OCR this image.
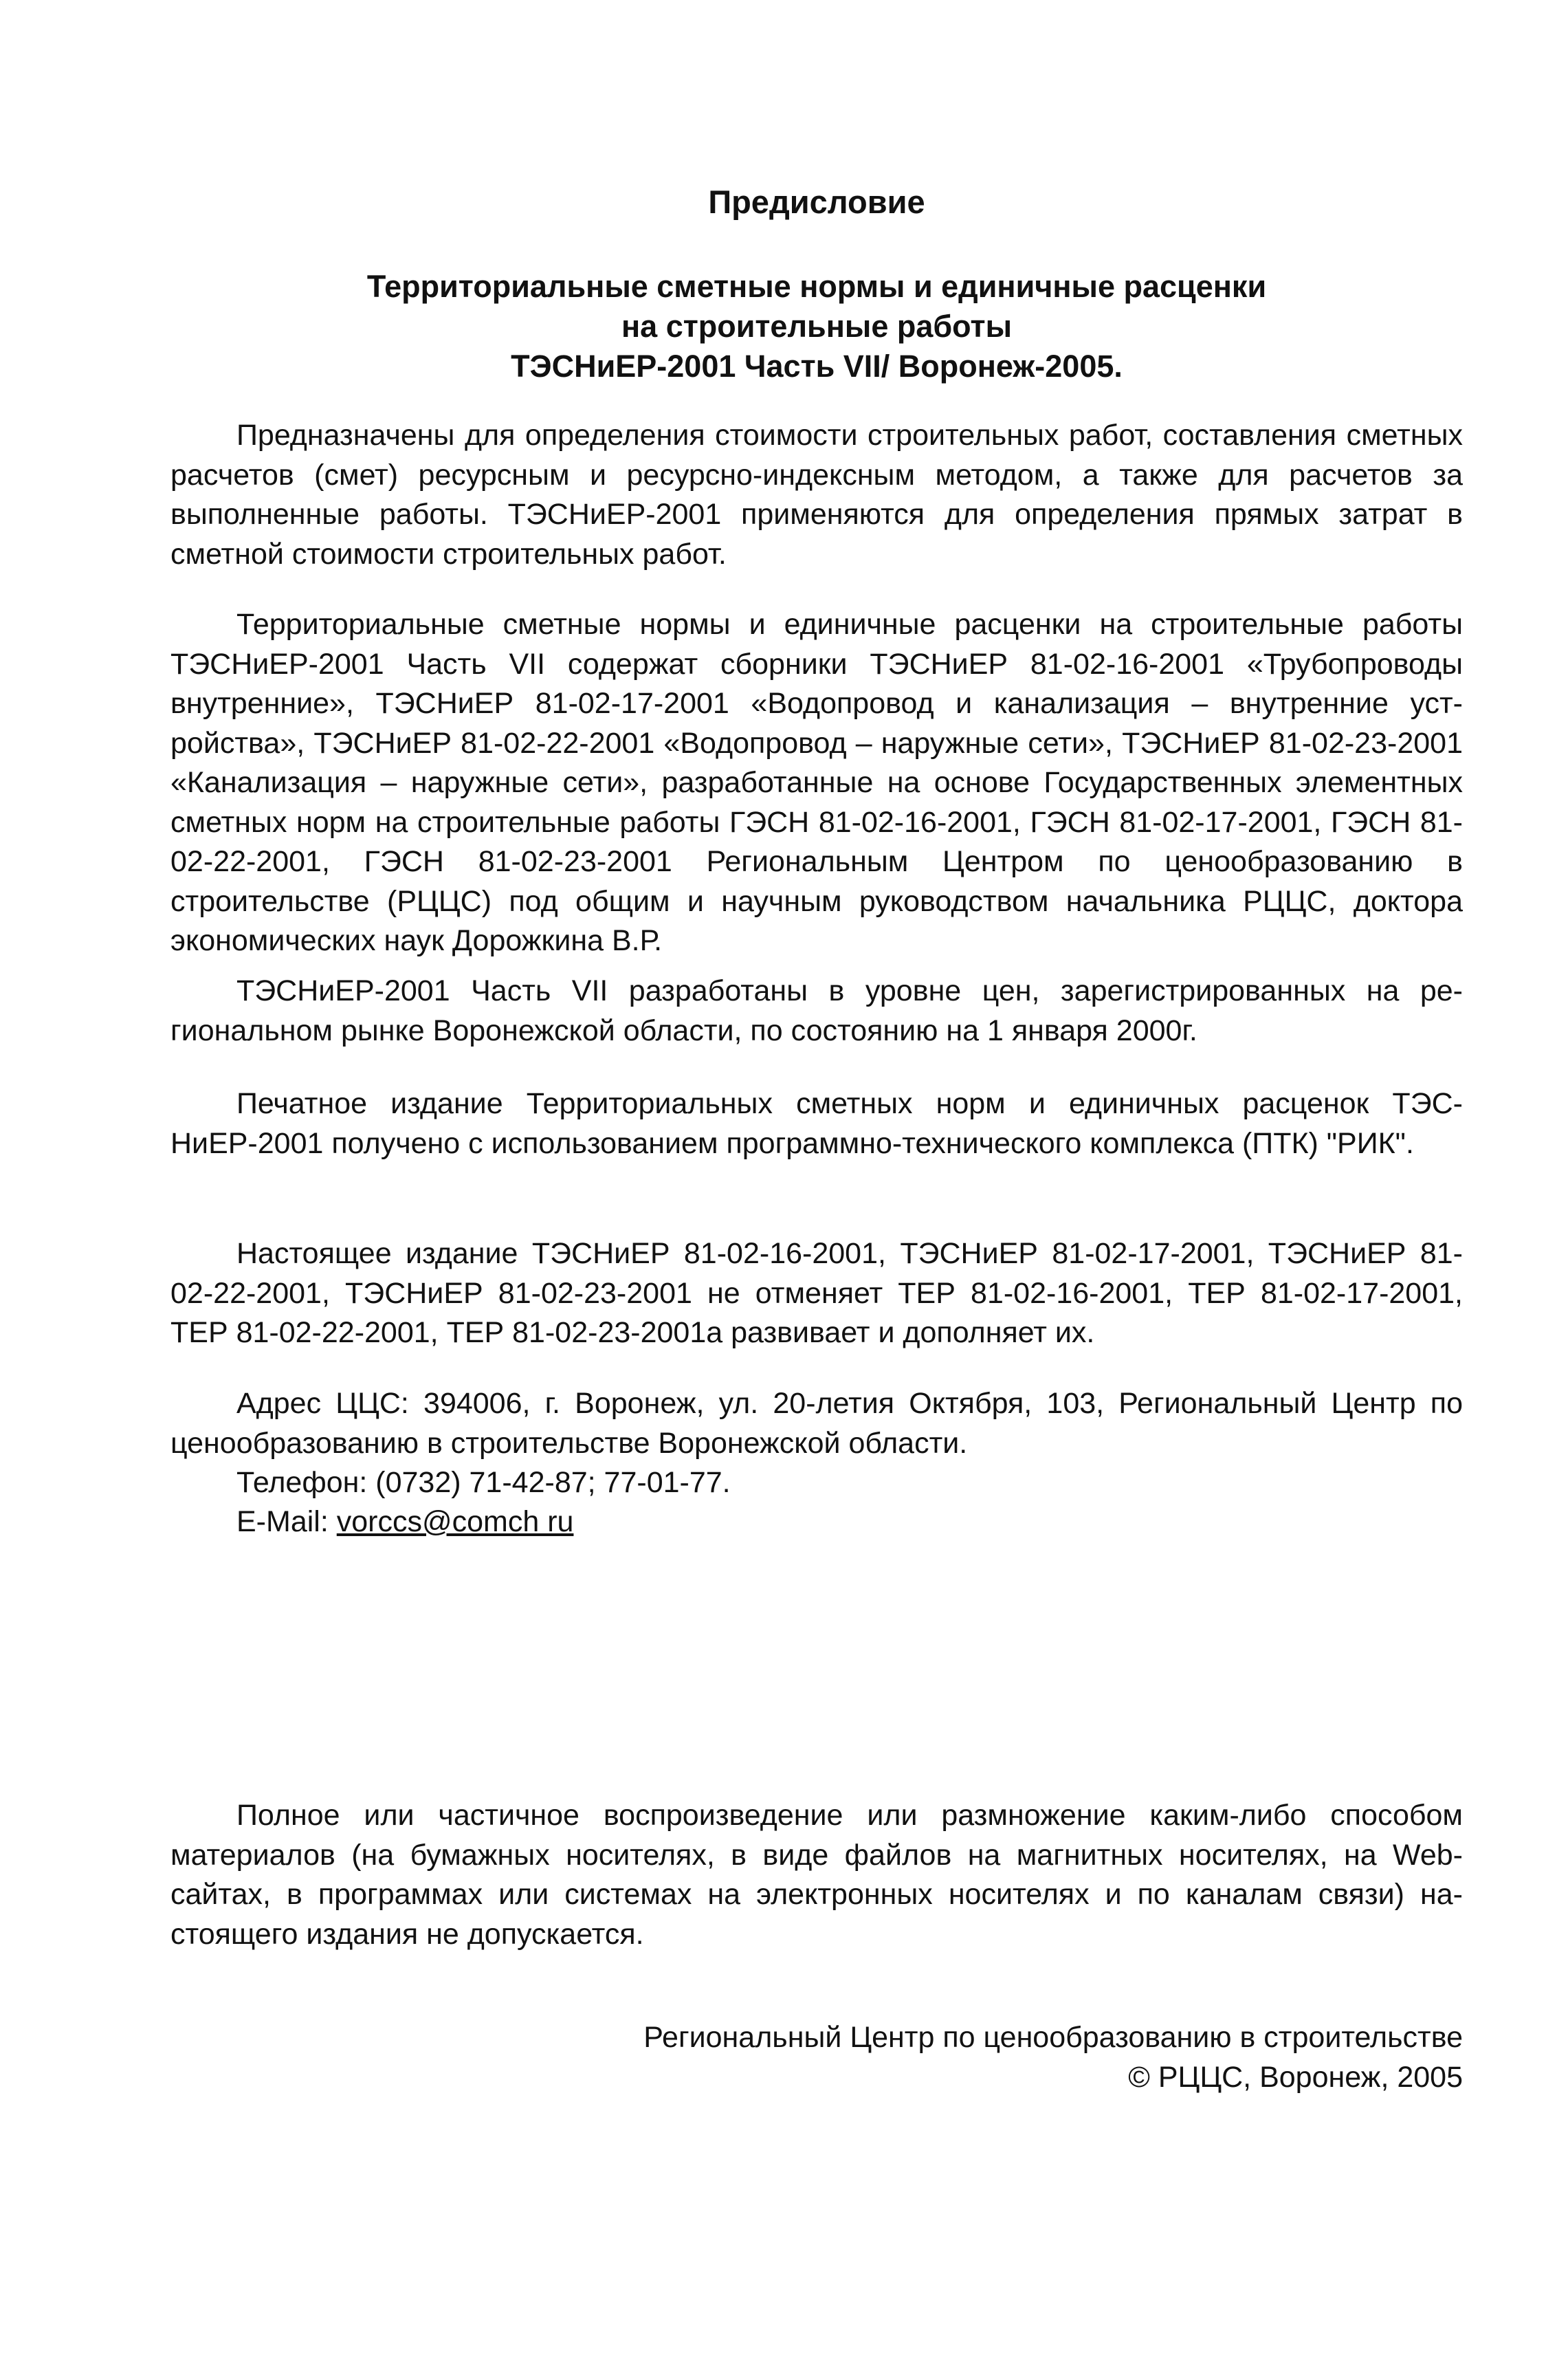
Предисловие
Территориальные сметные нормы и единичные расценки
на строительные работы
ТЭСНиЕР-2001 Часть VII/ Воронеж-2005.

Предназначены для определения стоимости строительных работ, составления сметных расчетов (смет) ресурсным и ресурсно-индексным методом, а также для расчетов за выполненные работы. ТЭСНиЕР-2001 применяются для определения прямых затрат в сметной стоимости строительных работ.

Территориальные сметные нормы и единичные расценки на строительные работы ТЭСНиЕР-2001 Часть VII содержат сборники ТЭСНиЕР 81-02-16-2001 «Трубопроводы внутренние», ТЭСНиЕР 81-02-17-2001 «Водопровод и канализация – внутренние устройства», ТЭСНиЕР 81-02-22-2001 «Водопровод – наружные сети», ТЭСНиЕР 81-02-23-2001 «Канализация – наружные сети», разработанные на основе Государственных элементных сметных норм на строительные работы ГЭСН 81-02-16-2001, ГЭСН 81-02-17-2001, ГЭСН 81-02-22-2001, ГЭСН 81-02-23-2001 Региональным Центром по ценообразованию в строительстве (РЦЦС) под общим и научным руководством начальника РЦЦС, доктора экономических наук Дорожкина В.Р.

ТЭСНиЕР-2001 Часть VII разработаны в уровне цен, зарегистрированных на региональном рынке Воронежской области, по состоянию на 1 января 2000г.

Печатное издание Территориальных сметных норм и единичных расценок ТЭСНиЕР-2001 получено с использованием программно-технического комплекса (ПТК) "РИК".

Настоящее издание ТЭСНиЕР 81-02-16-2001, ТЭСНиЕР 81-02-17-2001, ТЭСНиЕР 81-02-22-2001, ТЭСНиЕР 81-02-23-2001 не отменяет ТЕР 81-02-16-2001, ТЕР 81-02-17-2001, ТЕР 81-02-22-2001, ТЕР 81-02-23-2001а развивает и дополняет их.

Адрес ЦЦС: 394006, г. Воронеж, ул. 20-летия Октября, 103, Региональный Центр по ценообразованию в строительстве Воронежской области.

Телефон: (0732) 71-42-87; 77-01-77.

E-Mail: vorccs@comch ru

Полное или частичное воспроизведение или размножение каким-либо способом материалов (на бумажных носителях, в виде файлов на магнитных носителях, на Web-сайтах, в программах или системах на электронных носителях и по каналам связи) настоящего издания не допускается.

Региональный Центр по ценообразованию в строительстве
© РЦЦС, Воронеж, 2005
